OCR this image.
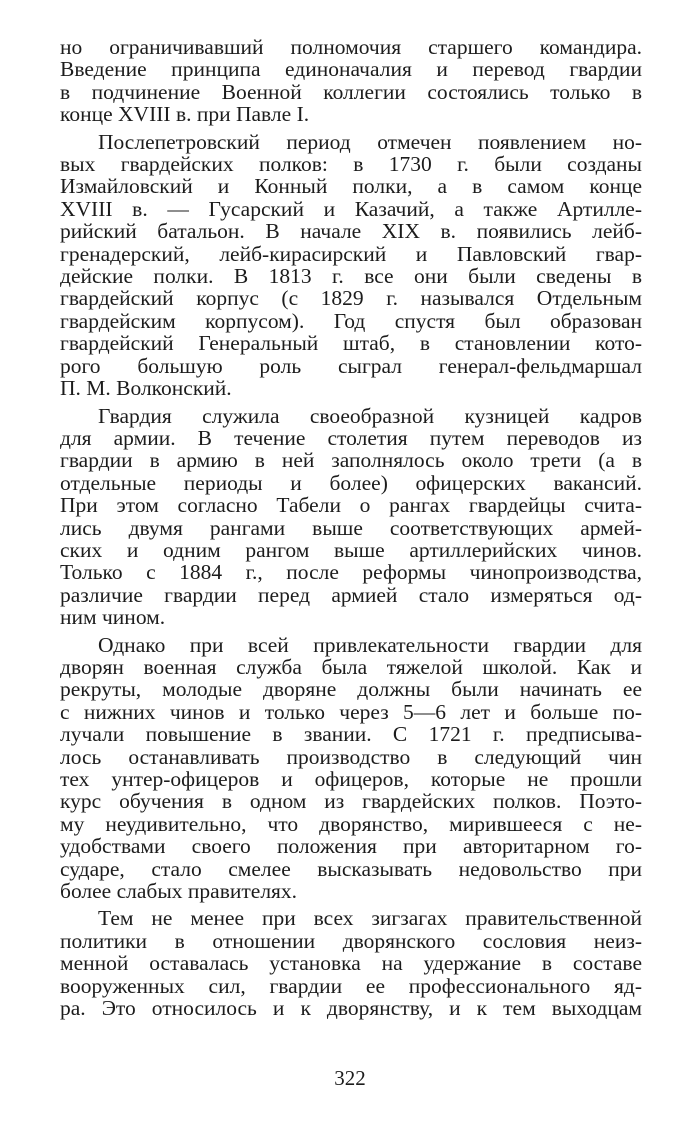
но ограничивавший полномочия старшего командира.
Введение принципа единоначалия и перевод гвардии
в подчинение Военной коллегии состоялись только в
конце XVIII в. при Павле I.
Послепетровский период отмечен появлением но-
вых гвардейских полков: в 1730 г. были созданы
Измайловский и Конный полки, а в самом конце
XVIII в. — Гусарский и Казачий, а также Артилле-
рийский батальон. В начале XIX в. появились лейб-
гренадерский, лейб-кирасирский и Павловский гвар-
дейские полки. В 1813 г. все они были сведены в
гвардейский корпус (с 1829 г. назывался Отдельным
гвардейским корпусом). Год спустя был образован
гвардейский Генеральный штаб, в становлении кото-
рого большую роль сыграл генерал-фельдмаршал
П. М. Волконский.
Гвардия служила своеобразной кузницей кадров
для армии. В течение столетия путем переводов из
гвардии в армию в ней заполнялось около трети (а в
отдельные периоды и более) офицерских вакансий.
При этом согласно Табели о рангах гвардейцы счита-
лись двумя рангами выше соответствующих армей-
ских и одним рангом выше артиллерийских чинов.
Только с 1884 г., после реформы чинопроизводства,
различие гвардии перед армией стало измеряться од-
ним чином.
Однако при всей привлекательности гвардии для
дворян военная служба была тяжелой школой. Как и
рекруты, молодые дворяне должны были начинать ее
с нижних чинов и только через 5—6 лет и больше по-
лучали повышение в звании. С 1721 г. предписыва-
лось останавливать производство в следующий чин
тех унтер-офицеров и офицеров, которые не прошли
курс обучения в одном из гвардейских полков. Поэто-
му неудивительно, что дворянство, мирившееся с не-
удобствами своего положения при авторитарном го-
сударе, стало смелее высказывать недовольство при
более слабых правителях.
Тем не менее при всех зигзагах правительственной
политики в отношении дворянского сословия неиз-
менной оставалась установка на удержание в составе
вооруженных сил, гвардии ее профессионального яд-
ра. Это относилось и к дворянству, и к тем выходцам
322
